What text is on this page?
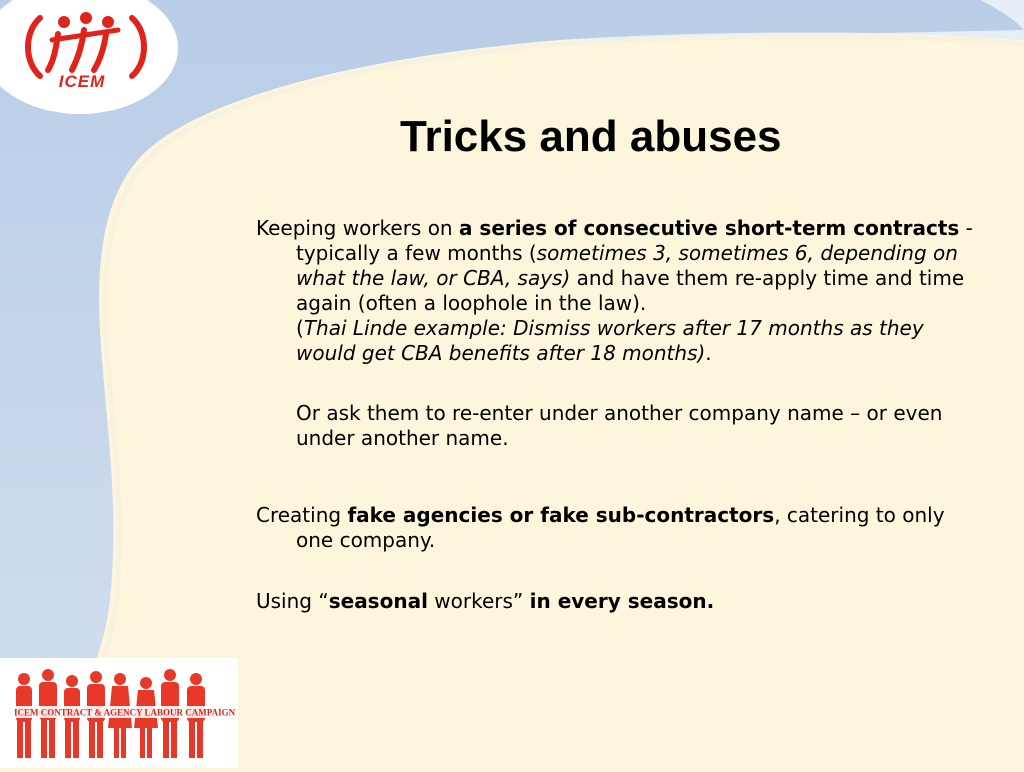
ICEM
Tricks and abuses

Keeping workers on a series of consecutive short-term contracts - typically a few months (sometimes 3, sometimes 6, depending on what the law, or CBA, says) and have them re-apply time and time again (often a loophole in the law).

(Thai Linde example: Dismiss workers after 17 months as they would get CBA benefits after 18 months).

Or ask them to re-enter under another company name – or even under another name.

Creating fake agencies or fake sub-contractors, catering to only one company.

Using “seasonal workers” in every season.

ICEM CONTRACT & AGENCY LABOUR CAMPAIGN
